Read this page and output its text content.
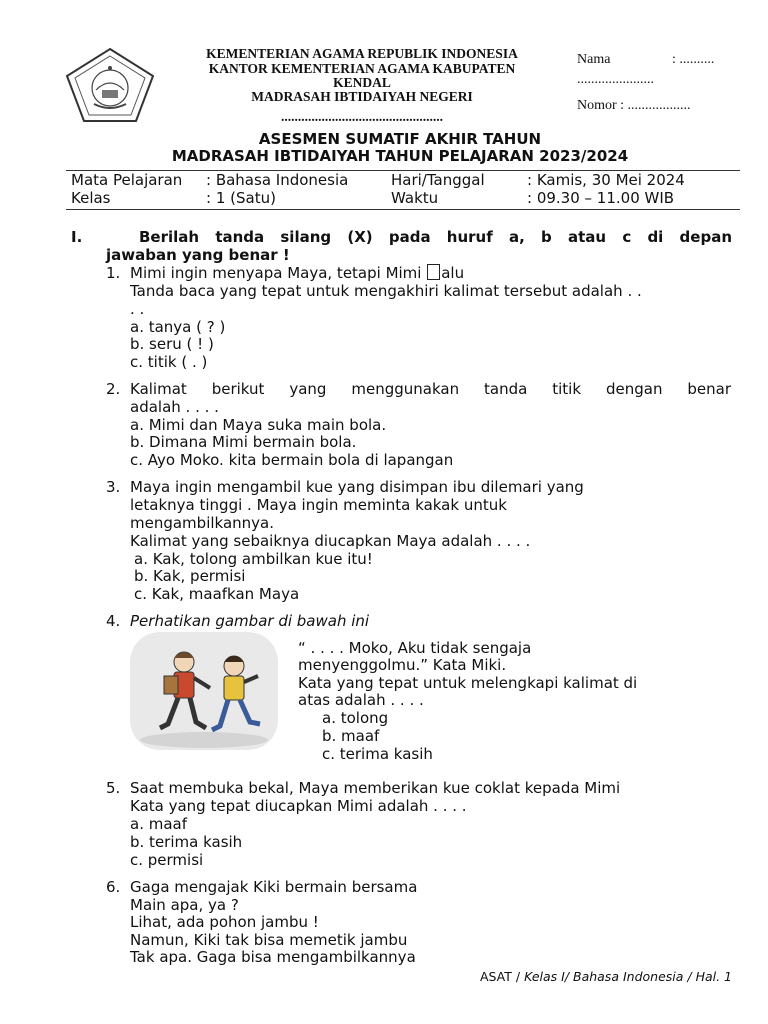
KEMENTERIAN AGAMA REPUBLIK INDONESIA
KANTOR KEMENTERIAN AGAMA KABUPATEN
KENDAL
MADRASAH IBTIDAIYAH NEGERI
................................................
Nama	: ..........
......................
Nomor : ..................
ASESMEN SUMATIF AKHIR TAHUN
MADRASAH IBTIDAIYAH TAHUN PELAJARAN 2023/2024
Mata Pelajaran : Bahasa Indonesia	Hari/Tanggal	: Kamis, 30 Mei 2024
Kelas	: 1 (Satu)	Waktu	: 09.30 – 11.00 WIB
I.	Berilah tanda silang (X) pada huruf a, b atau c di depan
jawaban yang benar !
1. Mimi ingin menyapa Maya, tetapi Mimi alu
Tanda baca yang tepat untuk mengakhiri kalimat tersebut adalah . .
. .
a. tanya ( ? )
b. seru ( ! )
c. titik ( . )
2. Kalimat berikut yang menggunakan tanda titik dengan benar
adalah . . . .
a. Mimi dan Maya suka main bola.
b. Dimana Mimi bermain bola.
c. Ayo Moko. kita bermain bola di lapangan
3. Maya ingin mengambil kue yang disimpan ibu dilemari yang
letaknya tinggi . Maya ingin meminta kakak untuk
mengambilkannya.
Kalimat yang sebaiknya diucapkan Maya adalah . . . .
a. Kak, tolong ambilkan kue itu!
b. Kak, permisi
c. Kak, maafkan Maya
4. Perhatikan gambar di bawah ini
“ . . . . Moko, Aku tidak sengaja
menyenggolmu.” Kata Miki.
Kata yang tepat untuk melengkapi kalimat di
atas adalah . . . .
a. tolong
b. maaf
c. terima kasih
5. Saat membuka bekal, Maya memberikan kue coklat kepada Mimi
Kata yang tepat diucapkan Mimi adalah . . . .
a. maaf
b. terima kasih
c. permisi
6. Gaga mengajak Kiki bermain bersama
Main apa, ya ?
Lihat, ada pohon jambu !
Namun, Kiki tak bisa memetik jambu
Tak apa. Gaga bisa mengambilkannya
ASAT / Kelas I/ Bahasa Indonesia / Hal. 1
